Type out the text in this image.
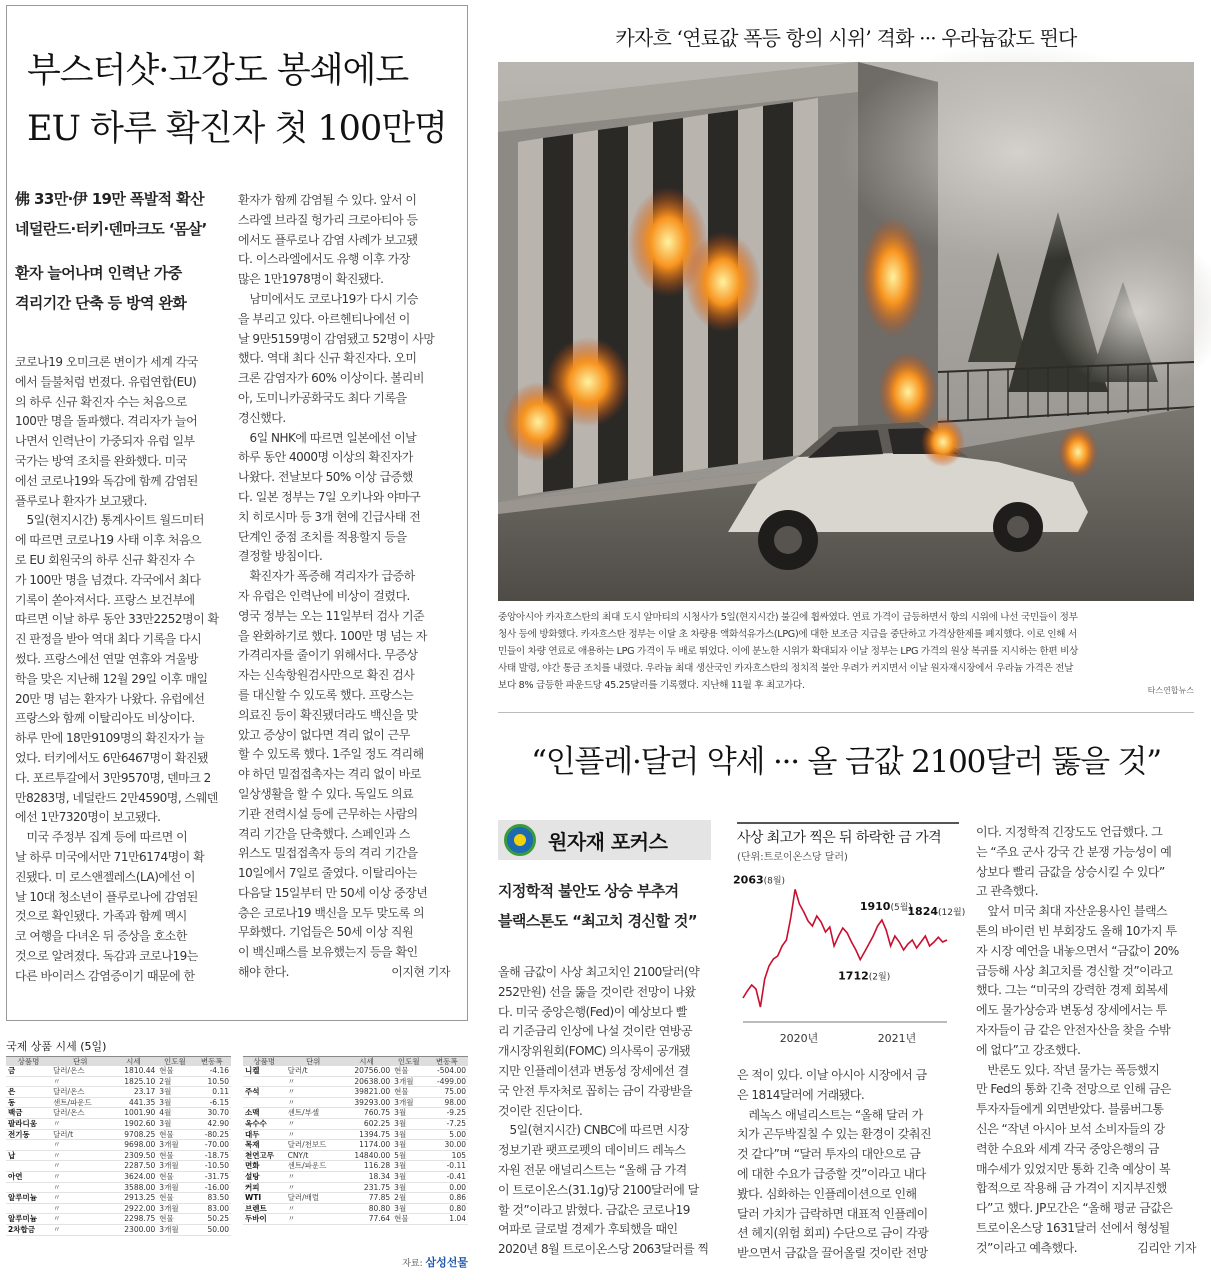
부스터샷·고강도 봉쇄에도
EU 하루 확진자 첫 100만명
佛 33만·伊 19만 폭발적 확산
네덜란드·터키·덴마크도 ‘몸살’
환자 늘어나며 인력난 가중
격리기간 단축 등 방역 완화
코로나19 오미크론 변이가 세계 각국
에서 들불처럼 번졌다. 유럽연합(EU)
의 하루 신규 확진자 수는 처음으로
100만 명을 돌파했다. 격리자가 늘어
나면서 인력난이 가중되자 유럽 일부
국가는 방역 조치를 완화했다. 미국
에선 코로나19와 독감에 함께 감염된
플루로나 환자가 보고됐다.
　5일(현지시간) 통계사이트 월드미터
에 따르면 코로나19 사태 이후 처음으
로 EU 회원국의 하루 신규 확진자 수
가 100만 명을 넘겼다. 각국에서 최다
기록이 쏟아져서다. 프랑스 보건부에
따르면 이날 하루 동안 33만2252명이 확
진 판정을 받아 역대 최다 기록을 다시
썼다. 프랑스에선 연말 연휴와 겨울방
학을 맞은 지난해 12월 29일 이후 매일
20만 명 넘는 환자가 나왔다. 유럽에선
프랑스와 함께 이탈리아도 비상이다.
하루 만에 18만9109명의 확진자가 늘
었다. 터키에서도 6만6467명이 확진됐
다. 포르투갈에서 3만9570명, 덴마크 2
만8283명, 네덜란드 2만4590명, 스웨덴
에선 1만7320명이 보고됐다.
　미국 주정부 집계 등에 따르면 이
날 하루 미국에서만 71만6174명이 확
진됐다. 미 로스앤젤레스(LA)에선 이
날 10대 청소년이 플루로나에 감염된
것으로 확인됐다. 가족과 함께 멕시
코 여행을 다녀온 뒤 증상을 호소한
것으로 알려졌다. 독감과 코로나19는
다른 바이러스 감염증이기 때문에 한
환자가 함께 감염될 수 있다. 앞서 이
스라엘 브라질 헝가리 크로아티아 등
에서도 플루로나 감염 사례가 보고됐
다. 이스라엘에서도 유행 이후 가장
많은 1만1978명이 확진됐다.
　남미에서도 코로나19가 다시 기승
을 부리고 있다. 아르헨티나에선 이
날 9만5159명이 감염됐고 52명이 사망
했다. 역대 최다 신규 확진자다. 오미
크론 감염자가 60% 이상이다. 볼리비
아, 도미니카공화국도 최다 기록을
경신했다.
　6일 NHK에 따르면 일본에선 이날
하루 동안 4000명 이상의 확진자가
나왔다. 전날보다 50% 이상 급증했
다. 일본 정부는 7일 오키나와 야마구
치 히로시마 등 3개 현에 긴급사태 전
단계인 중점 조치를 적용할지 등을
결정할 방침이다.
　확진자가 폭증해 격리자가 급증하
자 유럽은 인력난에 비상이 걸렸다.
영국 정부는 오는 11일부터 검사 기준
을 완화하기로 했다. 100만 명 넘는 자
가격리자를 줄이기 위해서다. 무증상
자는 신속항원검사만으로 확진 검사
를 대신할 수 있도록 했다. 프랑스는
의료진 등이 확진됐더라도 백신을 맞
았고 증상이 없다면 격리 없이 근무
할 수 있도록 했다. 1주일 정도 격리해
야 하던 밀접접촉자는 격리 없이 바로
일상생활을 할 수 있다. 독일도 의료
기관 전력시설 등에 근무하는 사람의
격리 기간을 단축했다. 스페인과 스
위스도 밀접접촉자 등의 격리 기간을
10일에서 7일로 줄였다. 이탈리아는
다음달 15일부터 만 50세 이상 중장년
층은 코로나19 백신을 모두 맞도록 의
무화했다. 기업들은 50세 이상 직원
이 백신패스를 보유했는지 등을 확인
해야 한다.	이지현 기자
국제 상품 시세 (5일)
상품명	단위	시세	인도월	변동폭
금	달러/온스	1810.44	현물	-4.16
	〃	1825.10	2월	10.50
은	달러/온스	23.17	3월	0.11
동	센트/파운드	441.35	3월	-6.15
백금	달러/온스	1001.90	4월	30.70
팔라디움	〃	1902.60	3월	42.90
전기동	달러/t	9708.25	현물	-80.25
	〃	9698.00	3개월	-70.00
납	〃	2309.50	현물	-18.75
	〃	2287.50	3개월	-10.50
아연	〃	3624.00	현물	-31.75
	〃	3588.00	3개월	-16.00
알루미늄	〃	2913.25	현물	83.50
	〃	2922.00	3개월	83.00
알루미늄	〃	2298.75	현물	50.25
2차합금	〃	2300.00	3개월	50.00
상품명	단위	시세	인도월	변동폭
니켈	달러/t	20756.00	현물	-504.00
	〃	20638.00	3개월	-499.00
주석	〃	39821.00	현물	75.00
	〃	39293.00	3개월	98.00
소맥	센트/부셸	760.75	3월	-9.25
옥수수	〃	602.25	3월	-7.25
대두	〃	1394.75	3월	5.00
목재	달러/천보드	1174.00	3월	30.00
천연고무	CNY/t	14840.00	5월	105
면화	센트/파운드	116.28	3월	-0.11
설탕	〃	18.34	3월	-0.41
커피	〃	231.75	3월	0.00
WTI	달러/배럴	77.85	2월	0.86
브렌트	〃	80.80	3월	0.80
두바이	〃	77.64	현물	1.04
자료: 삼성선물
카자흐 ‘연료값 폭등 항의 시위’ 격화 ··· 우라늄값도 뛴다
중앙아시아 카자흐스탄의 최대 도시 알마티의 시청사가 5일(현지시간) 불길에 휩싸였다. 연료 가격이 급등하면서 항의 시위에 나선 국민들이 정부
청사 등에 방화했다. 카자흐스탄 정부는 이달 초 차량용 액화석유가스(LPG)에 대한 보조금 지급을 중단하고 가격상한제를 폐지했다. 이로 인해 서
민들이 차량 연료로 애용하는 LPG 가격이 두 배로 뛰었다. 이에 분노한 시위가 확대되자 이날 정부는 LPG 가격의 원상 복귀를 지시하는 한편 비상
사태 발령, 야간 통금 조치를 내렸다. 우라늄 최대 생산국인 카자흐스탄의 정치적 불안 우려가 커지면서 이날 원자재시장에서 우라늄 가격은 전날
보다 8% 급등한 파운드당 45.25달러를 기록했다. 지난해 11월 후 최고가다.	타스연합뉴스
“인플레·달러 약세 ··· 올 금값 2100달러 뚫을 것”
원자재 포커스
지정학적 불안도 상승 부추겨
블랙스톤도 “최고치 경신할 것”
올해 금값이 사상 최고치인 2100달러(약
252만원) 선을 뚫을 것이란 전망이 나왔
다. 미국 중앙은행(Fed)이 예상보다 빨
리 기준금리 인상에 나설 것이란 연방공
개시장위원회(FOMC) 의사록이 공개됐
지만 인플레이션과 변동성 장세에선 결
국 안전 투자처로 꼽히는 금이 각광받을
것이란 진단이다.
　5일(현지시간) CNBC에 따르면 시장
정보기관 팻프로펫의 데이비드 레녹스
자원 전문 애널리스트는 “올해 금 가격
이 트로이온스(31.1g)당 2100달러에 달
할 것”이라고 밝혔다. 금값은 코로나19
여파로 글로벌 경제가 후퇴했을 때인
2020년 8월 트로이온스당 2063달러를 찍
은 적이 있다. 이날 아시아 시장에서 금
은 1814달러에 거래됐다.
　레녹스 애널리스트는 “올해 달러 가
치가 곤두박질칠 수 있는 환경이 갖춰진
것 같다”며 “달러 투자의 대안으로 금
에 대한 수요가 급증할 것”이라고 내다
봤다. 심화하는 인플레이션으로 인해
달러 가치가 급락하면 대표적 인플레이
션 헤지(위험 회피) 수단으로 금이 각광
받으면서 금값을 끌어올릴 것이란 전망
이다. 지정학적 긴장도도 언급했다. 그
는 “주요 군사 강국 간 분쟁 가능성이 예
상보다 빨리 금값을 상승시킬 수 있다”
고 관측했다.
　앞서 미국 최대 자산운용사인 블랙스
톤의 바이런 빈 부회장도 올해 10가지 투
자 시장 예언을 내놓으면서 “금값이 20%
급등해 사상 최고치를 경신할 것”이라고
했다. 그는 “미국의 강력한 경제 회복세
에도 물가상승과 변동성 장세에서는 투
자자들이 금 같은 안전자산을 찾을 수밖
에 없다”고 강조했다.
　반론도 있다. 작년 물가는 폭등했지
만 Fed의 통화 긴축 전망으로 인해 금은
투자자들에게 외면받았다. 블룸버그통
신은 “작년 아시아 보석 소비자들의 강
력한 수요와 세계 각국 중앙은행의 금
매수세가 있었지만 통화 긴축 예상이 복
합적으로 작용해 금 가격이 지지부진했
다”고 했다. JP모간은 “올해 평균 금값은
트로이온스당 1631달러 선에서 형성될
것”이라고 예측했다.	김리안 기자
사상 최고가 찍은 뒤 하락한 금 가격
(단위:트로이온스당 달러)
2020년	2021년
2063(8월)
1910(5월)
1824(12월)
1712(2월)
